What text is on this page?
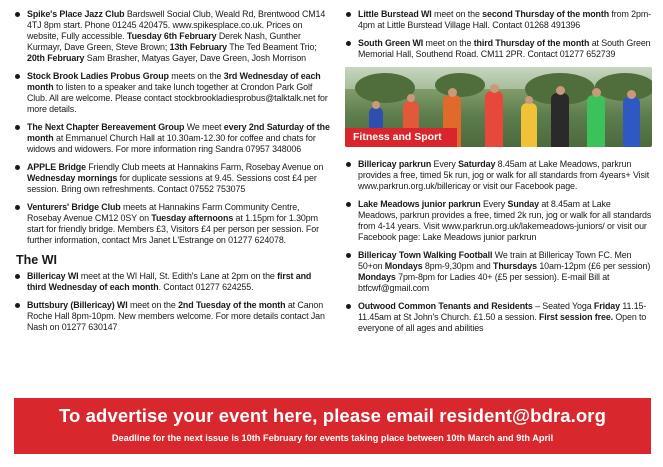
Spike's Place Jazz Club Bardswell Social Club, Weald Rd, Brentwood CM14 4TJ 8pm start. Phone 01245 420475. www.spikesplace.co.uk. Prices on website, Fully accessible. Tuesday 6th February Derek Nash, Gunther Kurmayr, Dave Green, Steve Brown; 13th February The Ted Beament Trio; 20th February Sam Brasher, Matyas Gayer, Dave Green, Josh Morrison
Stock Brook Ladies Probus Group meets on the 3rd Wednesday of each month to listen to a speaker and take lunch together at Crondon Park Golf Club. All are welcome. Please contact stockbrookladiesprobus@talktalk.net for more details.
The Next Chapter Bereavement Group We meet every 2nd Saturday of the month at Emmanuel Church Hall at 10.30am-12.30 for coffee and chats for widows and widowers. For more information ring Sandra 07957 348006
APPLE Bridge Friendly Club meets at Hannakins Farm, Rosebay Avenue on Wednesday mornings for duplicate sessions at 9.45. Sessions cost £4 per session. Bring own refreshments. Contact 07552 753075
Venturers' Bridge Club meets at Hannakins Farm Community Centre, Rosebay Avenue CM12 0SY on Tuesday afternoons at 1.15pm for 1.30pm start for friendly bridge. Members £3, Visitors £4 per person per session. For further information, contact Mrs Janet L'Estrange on 01277 624078.
The WI
Billericay WI meet at the WI Hall, St. Edith's Lane at 2pm on the first and third Wednesday of each month. Contact 01277 624255.
Buttsbury (Billericay) WI meet on the 2nd Tuesday of the month at Canon Roche Hall 8pm-10pm. New members welcome. For more details contact Jan Nash on 01277 630147
Little Burstead WI meet on the second Thursday of the month from 2pm-4pm at Little Burstead Village Hall. Contact 01268 491396
South Green WI meet on the third Thursday of the month at South Green Memorial Hall, Southend Road. CM11 2PR. Contact 01277 652739
Fitness and Sport
Billericay parkrun Every Saturday 8.45am at Lake Meadows, parkrun provides a free, timed 5k run, jog or walk for all standards from 4years+ Visit www.parkrun.org.uk/billericay or visit our Facebook page.
Lake Meadows junior parkrun Every Sunday at 8.45am at Lake Meadows, parkrun provides a free, timed 2k run, jog or walk for all standards from 4-14 years. Visit www.parkrun.org.uk/lakemeadows-juniors/ or visit our Facebook page: Lake Meadows junior parkrun
Billericay Town Walking Football We train at Billericay Town FC. Men 50+on Mondays 8pm-9,30pm and Thursdays 10am-12pm (£6 per session) Mondays 7pm-8pm for Ladies 40+ (£5 per session). E-mail Bill at btfcwf@gmail.com
Outwood Common Tenants and Residents – Seated Yoga Friday 11.15-11.45am at St John's Church. £1.50 a session. First session free. Open to everyone of all ages and abilities
To advertise your event here, please email resident@bdra.org
Deadline for the next issue is 10th February for events taking place between 10th March and 9th April
